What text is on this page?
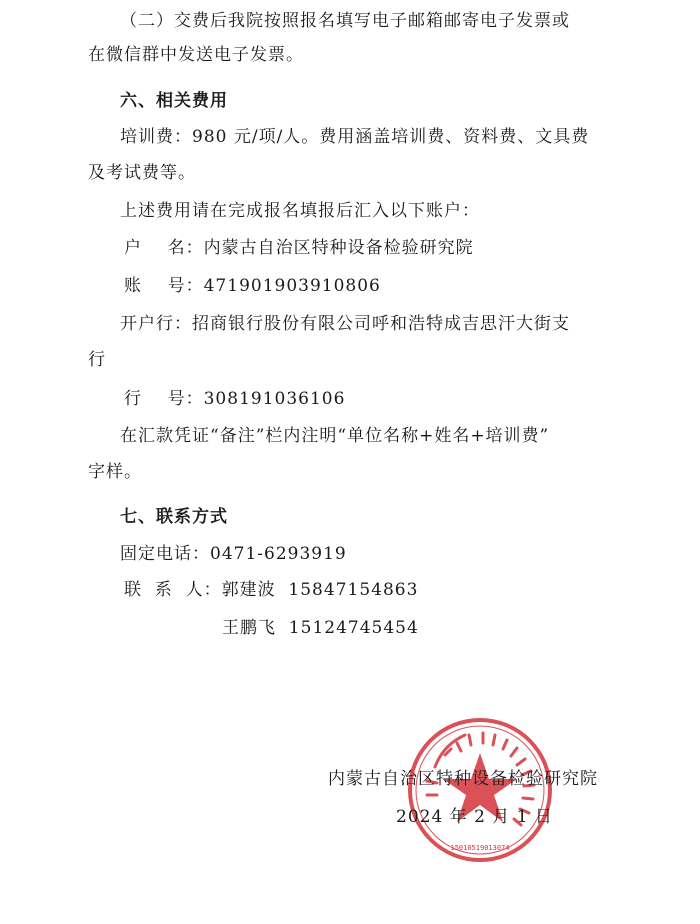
（二）交费后我院按照报名填写电子邮箱邮寄电子发票或
在微信群中发送电子发票。
六、相关费用
培训费：980 元/项/人。费用涵盖培训费、资料费、文具费
及考试费等。
上述费用请在完成报名填报后汇入以下账户：
户    名：内蒙古自治区特种设备检验研究院
账    号：471901903910806
开户行：招商银行股份有限公司呼和浩特成吉思汗大街支
行
行    号：308191036106
在汇款凭证“备注”栏内注明“单位名称+姓名+培训费”
字样。
七、联系方式
固定电话：0471-6293919
联  系  人：郭建波  15847154863
王鹏飞  15124745454
15010519013074
内蒙古自治区特种设备检验研究院
2024 年 2 月 1 日
